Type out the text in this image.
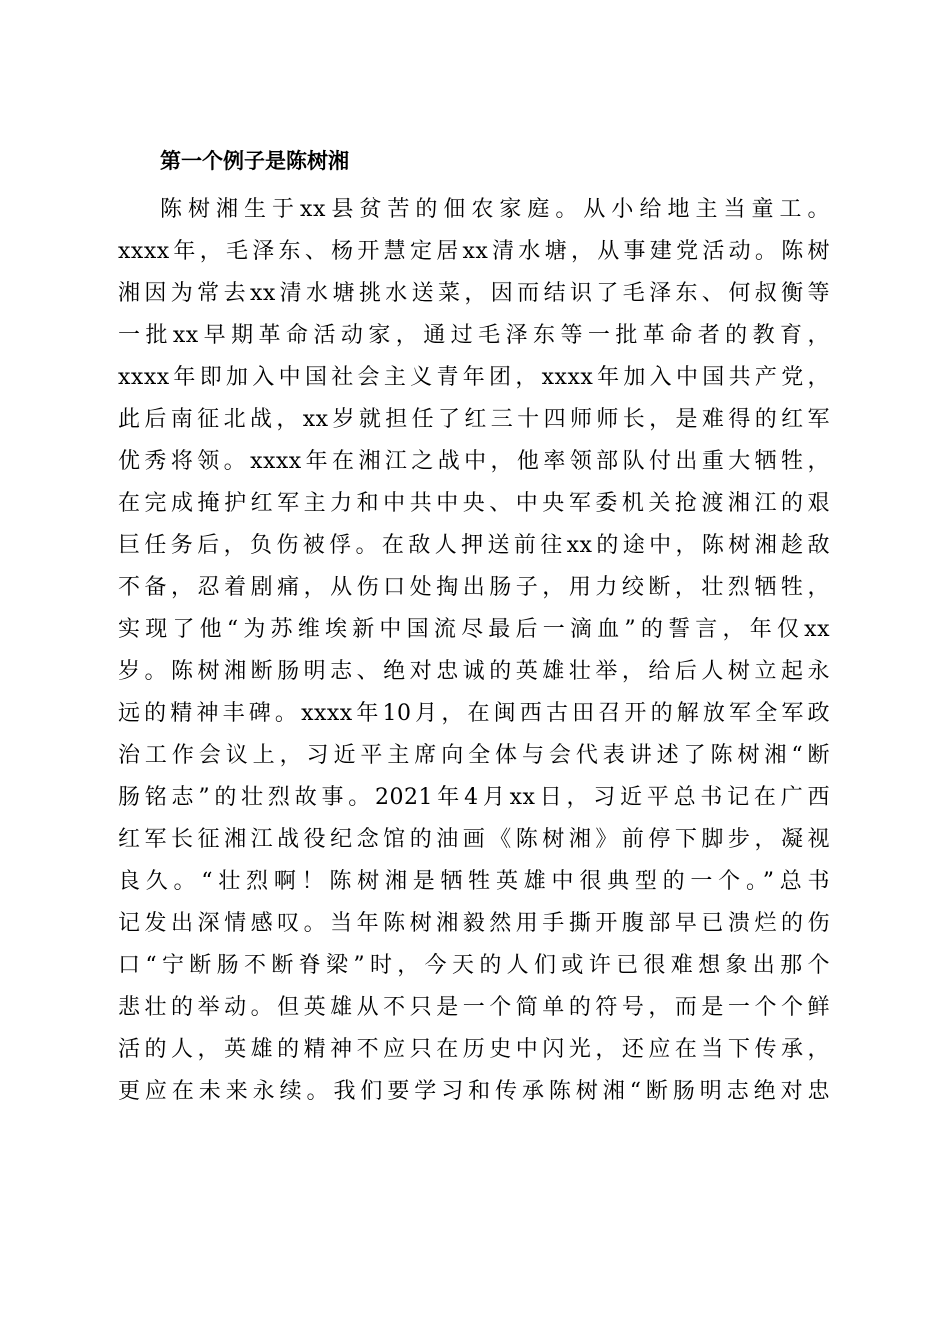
第一个例子是陈树湘
陈树湘生于xx县贫苦的佃农家庭。从小给地主当童工。
xxxx年，毛泽东、杨开慧定居xx清水塘，从事建党活动。陈树
湘因为常去xx清水塘挑水送菜，因而结识了毛泽东、何叔衡等
一批xx早期革命活动家，通过毛泽东等一批革命者的教育，
xxxx年即加入中国社会主义青年团，xxxx年加入中国共产党，
此后南征北战，xx岁就担任了红三十四师师长，是难得的红军
优秀将领。xxxx年在湘江之战中，他率领部队付出重大牺牲，
在完成掩护红军主力和中共中央、中央军委机关抢渡湘江的艰
巨任务后，负伤被俘。在敌人押送前往xx的途中，陈树湘趁敌
不备，忍着剧痛，从伤口处掏出肠子，用力绞断，壮烈牺牲，
实现了他“为苏维埃新中国流尽最后一滴血”的誓言，年仅xx
岁。陈树湘断肠明志、绝对忠诚的英雄壮举，给后人树立起永
远的精神丰碑。xxxx年10月，在闽西古田召开的解放军全军政
治工作会议上，习近平主席向全体与会代表讲述了陈树湘“断
肠铭志”的壮烈故事。2021年4月xx日，习近平总书记在广西
红军长征湘江战役纪念馆的油画《陈树湘》前停下脚步，凝视
良久。“壮烈啊！陈树湘是牺牲英雄中很典型的一个。”总书
记发出深情感叹。当年陈树湘毅然用手撕开腹部早已溃烂的伤
口“宁断肠不断脊梁”时，今天的人们或许已很难想象出那个
悲壮的举动。但英雄从不只是一个简单的符号，而是一个个鲜
活的人，英雄的精神不应只在历史中闪光，还应在当下传承，
更应在未来永续。我们要学习和传承陈树湘“断肠明志绝对忠
